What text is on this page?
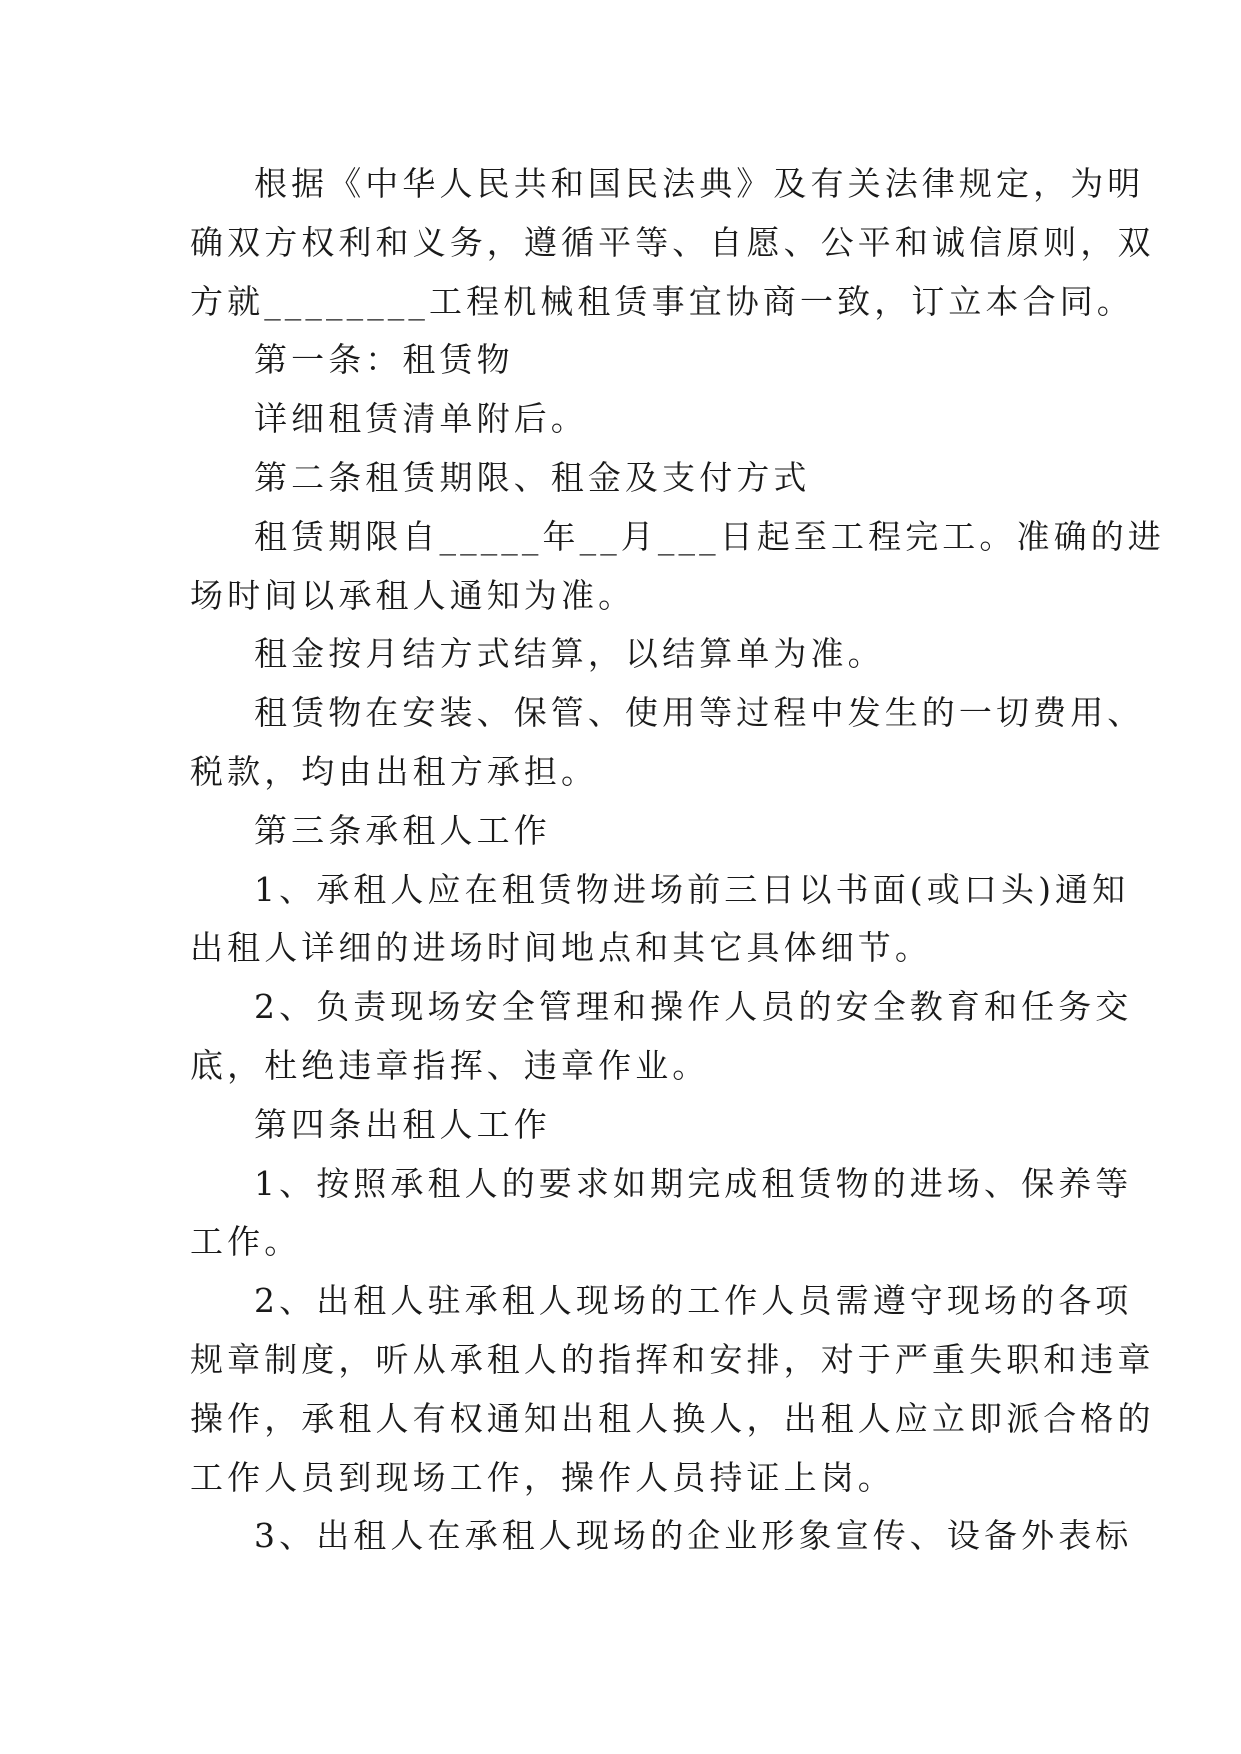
根据《中华人民共和国民法典》及有关法律规定，为明
确双方权利和义务，遵循平等、自愿、公平和诚信原则，双
方就________工程机械租赁事宜协商一致，订立本合同。

第一条：租赁物

详细租赁清单附后。

第二条租赁期限、租金及支付方式

租赁期限自_____年__月___日起至工程完工。准确的进
场时间以承租人通知为准。

租金按月结方式结算，以结算单为准。

租赁物在安装、保管、使用等过程中发生的一切费用、
税款，均由出租方承担。

第三条承租人工作

1、承租人应在租赁物进场前三日以书面(或口头)通知
出租人详细的进场时间地点和其它具体细节。

2、负责现场安全管理和操作人员的安全教育和任务交
底，杜绝违章指挥、违章作业。

第四条出租人工作

1、按照承租人的要求如期完成租赁物的进场、保养等
工作。

2、出租人驻承租人现场的工作人员需遵守现场的各项
规章制度，听从承租人的指挥和安排，对于严重失职和违章
操作，承租人有权通知出租人换人，出租人应立即派合格的
工作人员到现场工作，操作人员持证上岗。

3、出租人在承租人现场的企业形象宣传、设备外表标
